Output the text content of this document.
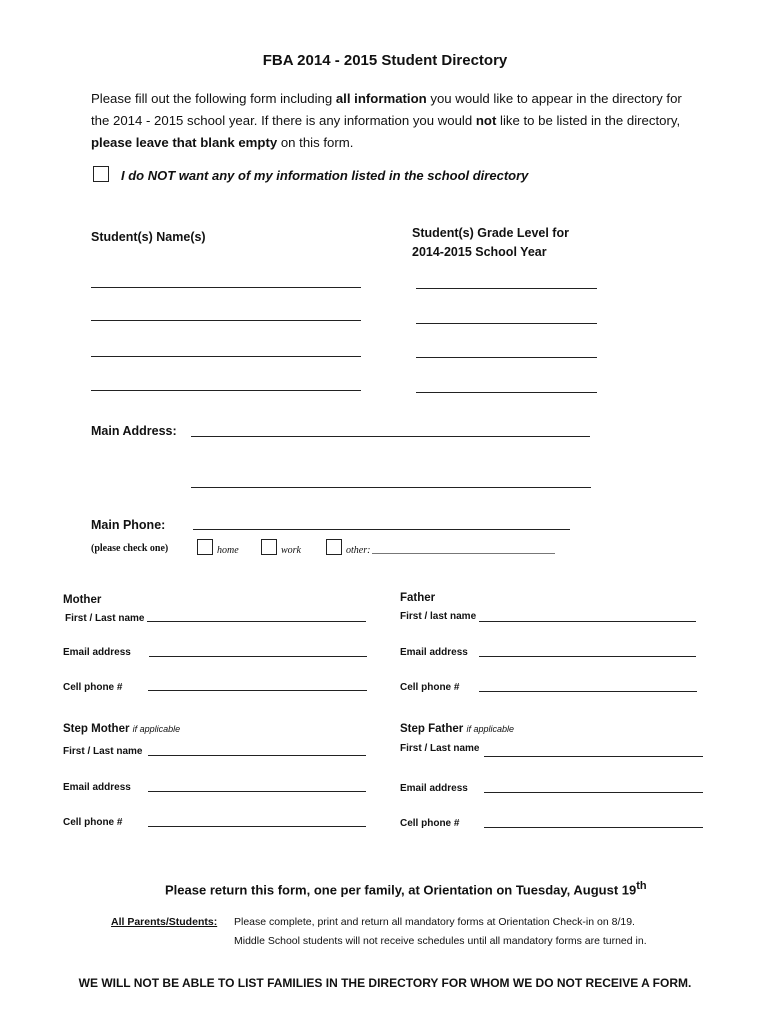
FBA 2014 - 2015 Student Directory
Please fill out the following form including all information you would like to appear in the directory for the 2014 - 2015 school year. If there is any information you would not like to be listed in the directory, please leave that blank empty on this form.
I do NOT want any of my information listed in the school directory
Student(s) Name(s)	Student(s) Grade Level for
2014-2015 School Year
Main Address:
Main Phone:
(please check one)	home	work	other:
Mother
First / Last name
Email address
Cell phone #
Father
First / last name
Email address
Cell phone #
Step Mother if applicable
First / Last name
Email address
Cell phone #
Step Father if applicable
First / Last name
Email address
Cell phone #
Please return this form, one per family, at Orientation on Tuesday, August 19th
All Parents/Students: Please complete, print and return all mandatory forms at Orientation Check-in on 8/19.
Middle School students will not receive schedules until all mandatory forms are turned in.
WE WILL NOT BE ABLE TO LIST FAMILIES IN THE DIRECTORY FOR WHOM WE DO NOT RECEIVE A FORM.
